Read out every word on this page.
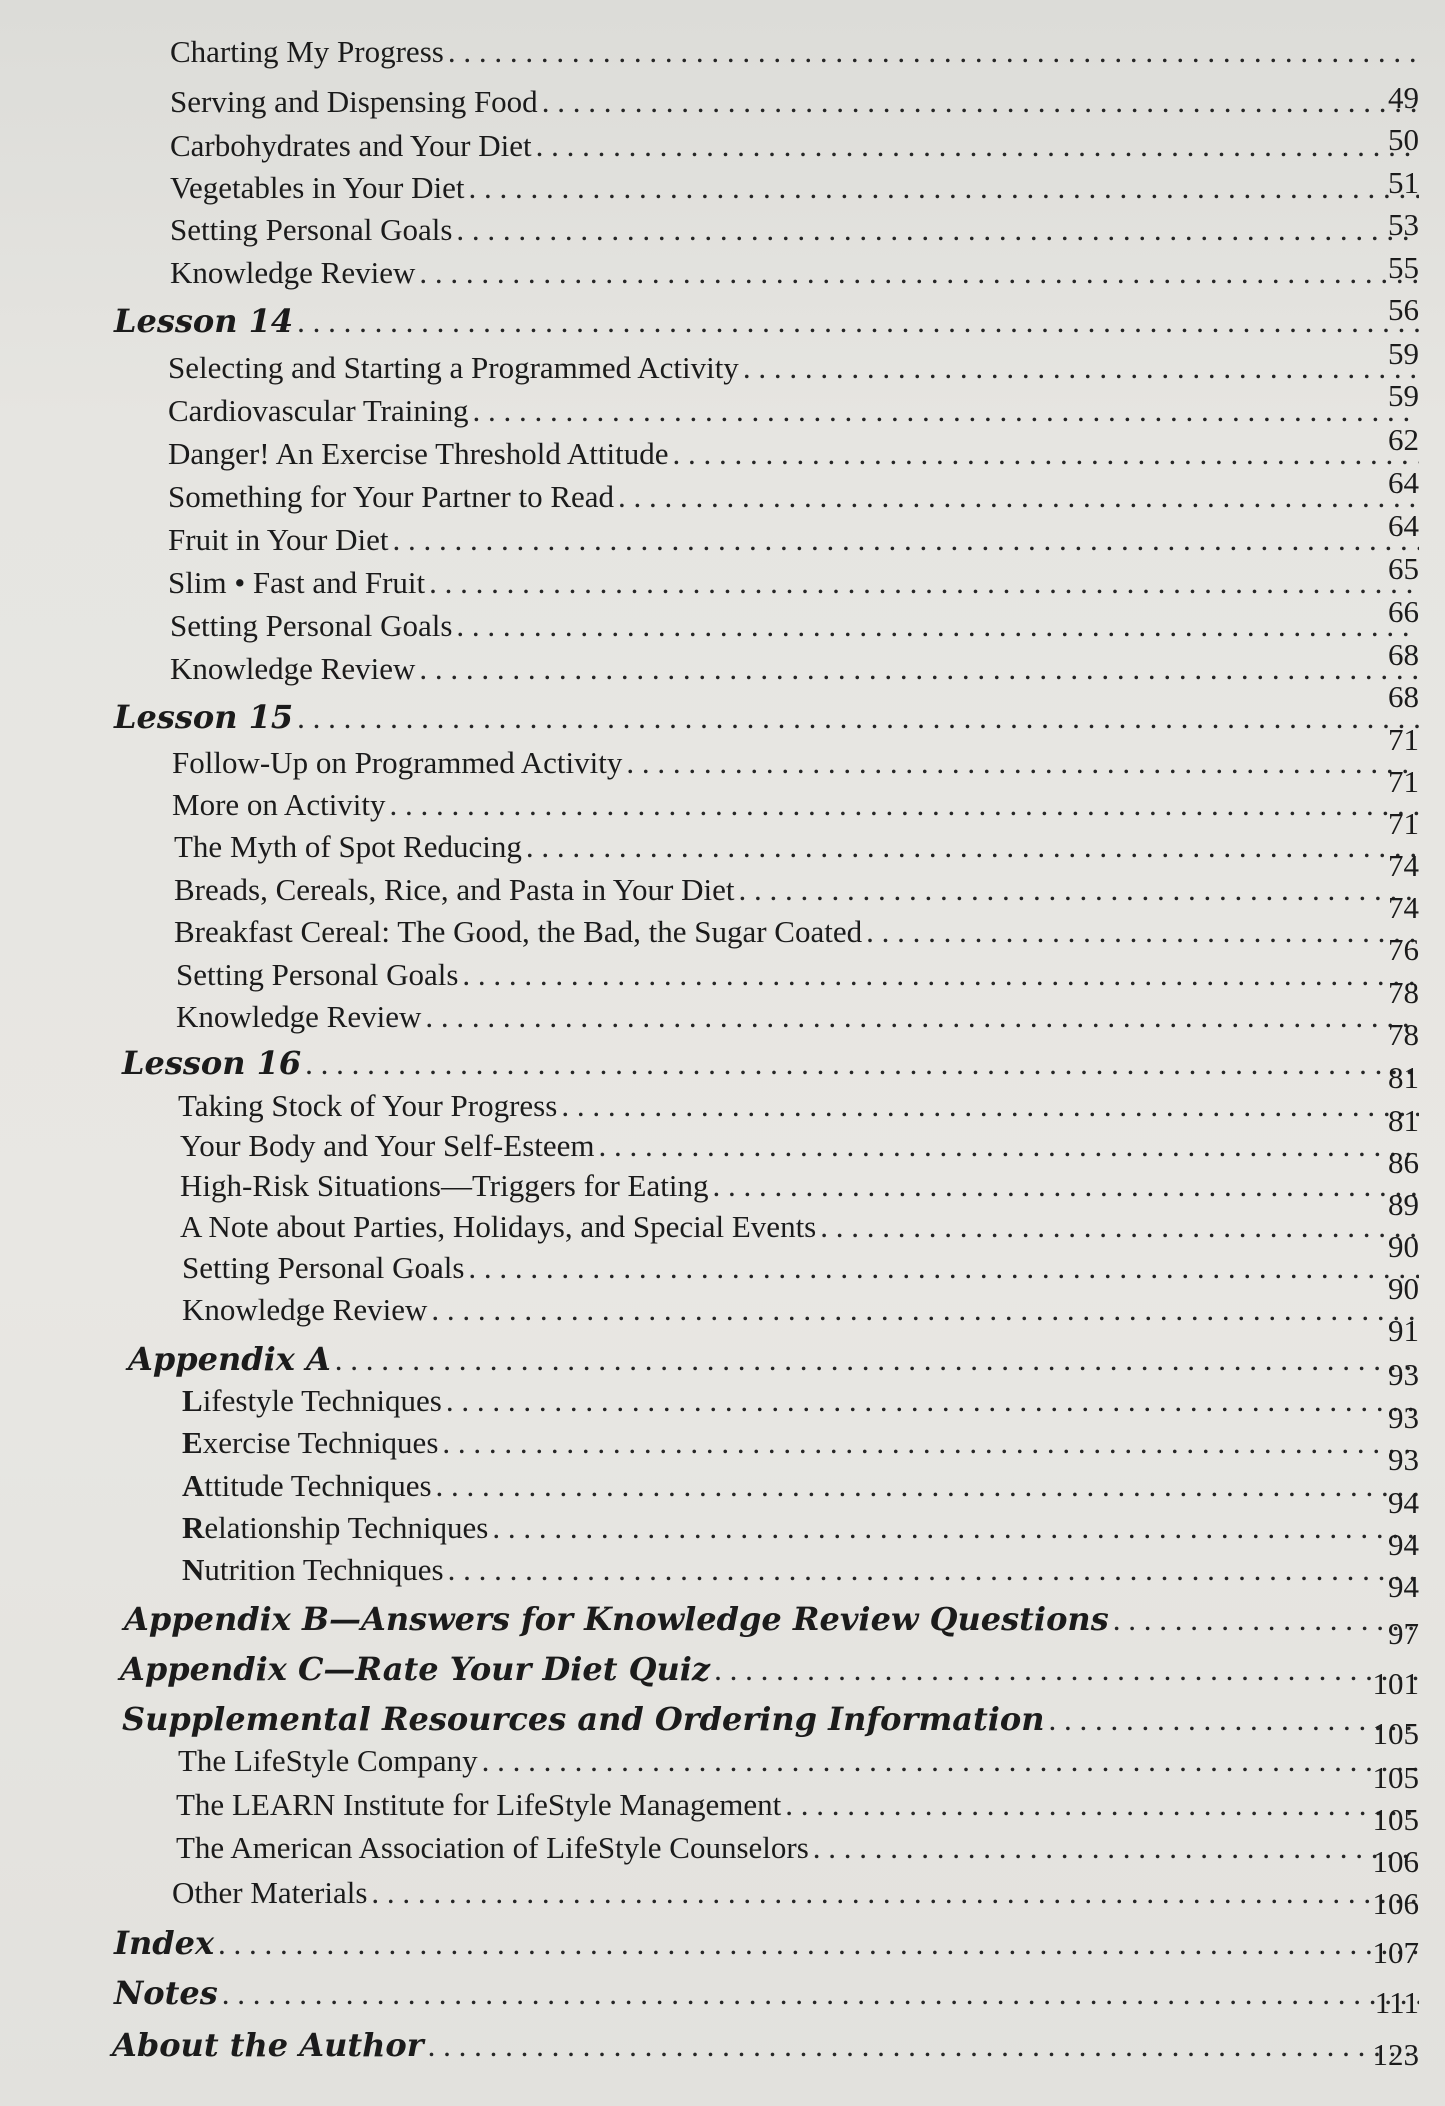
Charting My Progress
. . .
Serving and Dispensing Food
. . .
Carbohydrates and Your Diet
. . .
Vegetables in Your Diet
. . .
Setting Personal Goals
. . .
Knowledge Review
. . .
Lesson 14
. . .
Selecting and Starting a Programmed Activity
. . .
Cardiovascular Training
. . .
Danger! An Exercise Threshold Attitude
. . .
Something for Your Partner to Read
. . .
Fruit in Your Diet
. . .
Slim • Fast and Fruit
. . .
Setting Personal Goals
. . .
Knowledge Review
. . .
Lesson 15
. . .
Follow-Up on Programmed Activity
. . .
More on Activity
. . .
The Myth of Spot Reducing
. . .
Breads, Cereals, Rice, and Pasta in Your Diet
. . .
Breakfast Cereal: The Good, the Bad, the Sugar Coated
. . .
Setting Personal Goals
. . .
Knowledge Review
. . .
Lesson 16
. . .
Taking Stock of Your Progress
. . .
Your Body and Your Self-Esteem
. . .
High-Risk Situations—Triggers for Eating
. . .
A Note about Parties, Holidays, and Special Events
. . .
Setting Personal Goals
. . .
Knowledge Review
. . .
Appendix A
. . .
Lifestyle Techniques
. . .
Exercise Techniques
. . .
Attitude Techniques
. . .
Relationship Techniques
. . .
Nutrition Techniques
. . .
Appendix B—Answers for Knowledge Review Questions
. . .
Appendix C—Rate Your Diet Quiz
. . .
Supplemental Resources and Ordering Information
. . .
The LifeStyle Company
. . .
The LEARN Institute for LifeStyle Management
. . .
The American Association of LifeStyle Counselors
. . .
Other Materials
. . .
Index
. . .
Notes
. . .
About the Author
. . .
49
50
51
53
55
56
59
59
62
64
64
65
66
68
68
71
71
71
74
74
76
78
78
81
81
86
89
90
90
91
93
93
93
94
94
94
97
101
105
105
105
106
106
107
111
123
